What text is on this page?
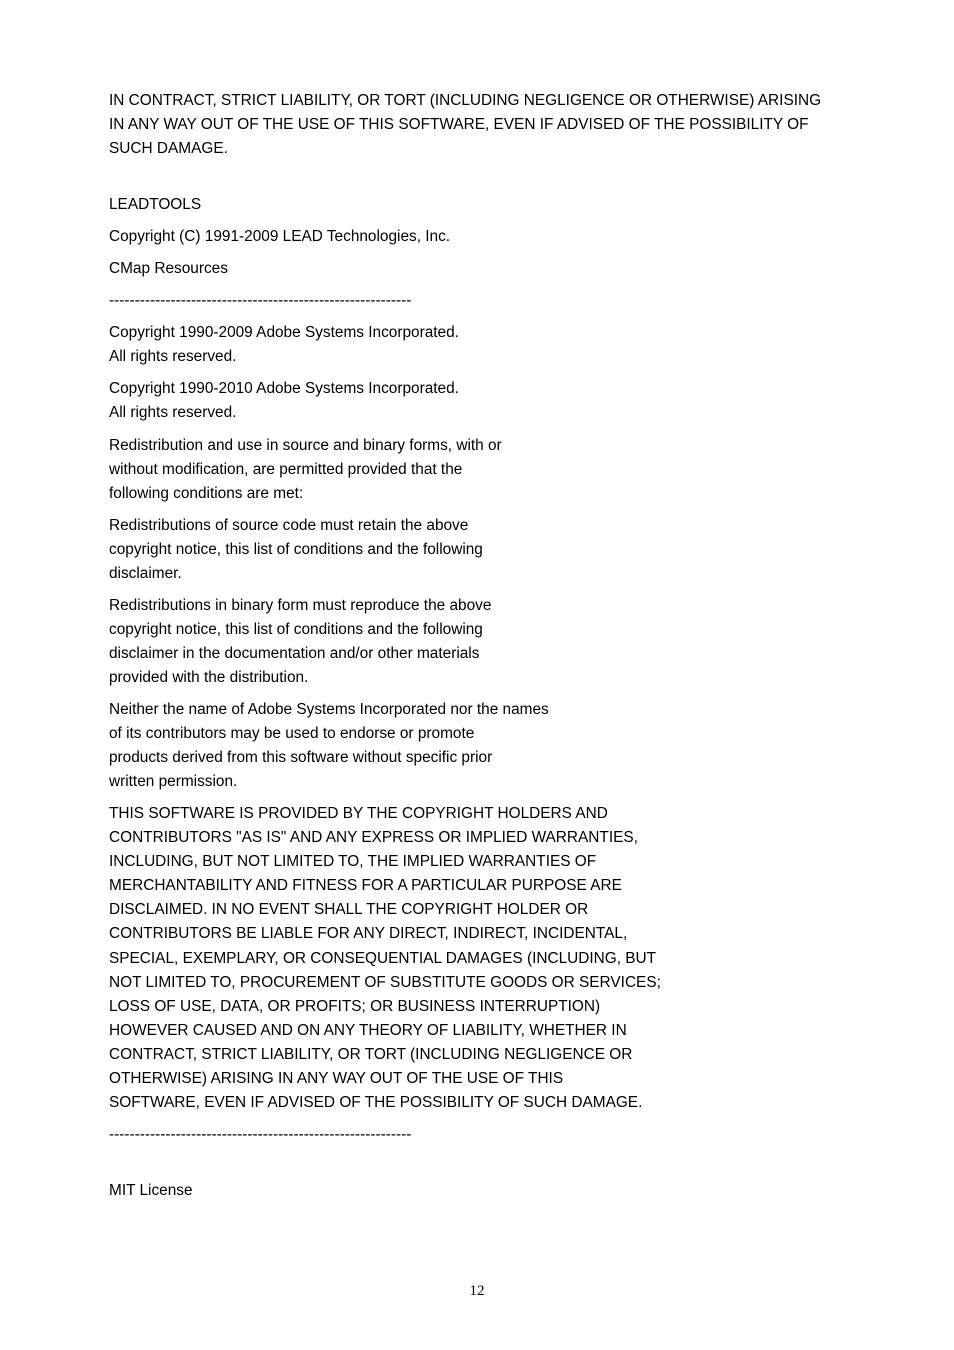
IN CONTRACT, STRICT LIABILITY, OR TORT (INCLUDING NEGLIGENCE OR OTHERWISE) ARISING
IN ANY WAY OUT OF THE USE OF THIS SOFTWARE, EVEN IF ADVISED OF THE POSSIBILITY OF
SUCH DAMAGE.

LEADTOOLS

Copyright (C) 1991-2009 LEAD Technologies, Inc.

CMap Resources

-----------------------------------------------------------

Copyright 1990-2009 Adobe Systems Incorporated.
All rights reserved.

Copyright 1990-2010 Adobe Systems Incorporated.
All rights reserved.

Redistribution and use in source and binary forms, with or
without modification, are permitted provided that the
following conditions are met:

Redistributions of source code must retain the above
copyright notice, this list of conditions and the following
disclaimer.

Redistributions in binary form must reproduce the above
copyright notice, this list of conditions and the following
disclaimer in the documentation and/or other materials
provided with the distribution.

Neither the name of Adobe Systems Incorporated nor the names
of its contributors may be used to endorse or promote
products derived from this software without specific prior
written permission.

THIS SOFTWARE IS PROVIDED BY THE COPYRIGHT HOLDERS AND
CONTRIBUTORS "AS IS" AND ANY EXPRESS OR IMPLIED WARRANTIES,
INCLUDING, BUT NOT LIMITED TO, THE IMPLIED WARRANTIES OF
MERCHANTABILITY AND FITNESS FOR A PARTICULAR PURPOSE ARE
DISCLAIMED. IN NO EVENT SHALL THE COPYRIGHT HOLDER OR
CONTRIBUTORS BE LIABLE FOR ANY DIRECT, INDIRECT, INCIDENTAL,
SPECIAL, EXEMPLARY, OR CONSEQUENTIAL DAMAGES (INCLUDING, BUT
NOT LIMITED TO, PROCUREMENT OF SUBSTITUTE GOODS OR SERVICES;
LOSS OF USE, DATA, OR PROFITS; OR BUSINESS INTERRUPTION)
HOWEVER CAUSED AND ON ANY THEORY OF LIABILITY, WHETHER IN
CONTRACT, STRICT LIABILITY, OR TORT (INCLUDING NEGLIGENCE OR
OTHERWISE) ARISING IN ANY WAY OUT OF THE USE OF THIS
SOFTWARE, EVEN IF ADVISED OF THE POSSIBILITY OF SUCH DAMAGE.

-----------------------------------------------------------

MIT License

12
